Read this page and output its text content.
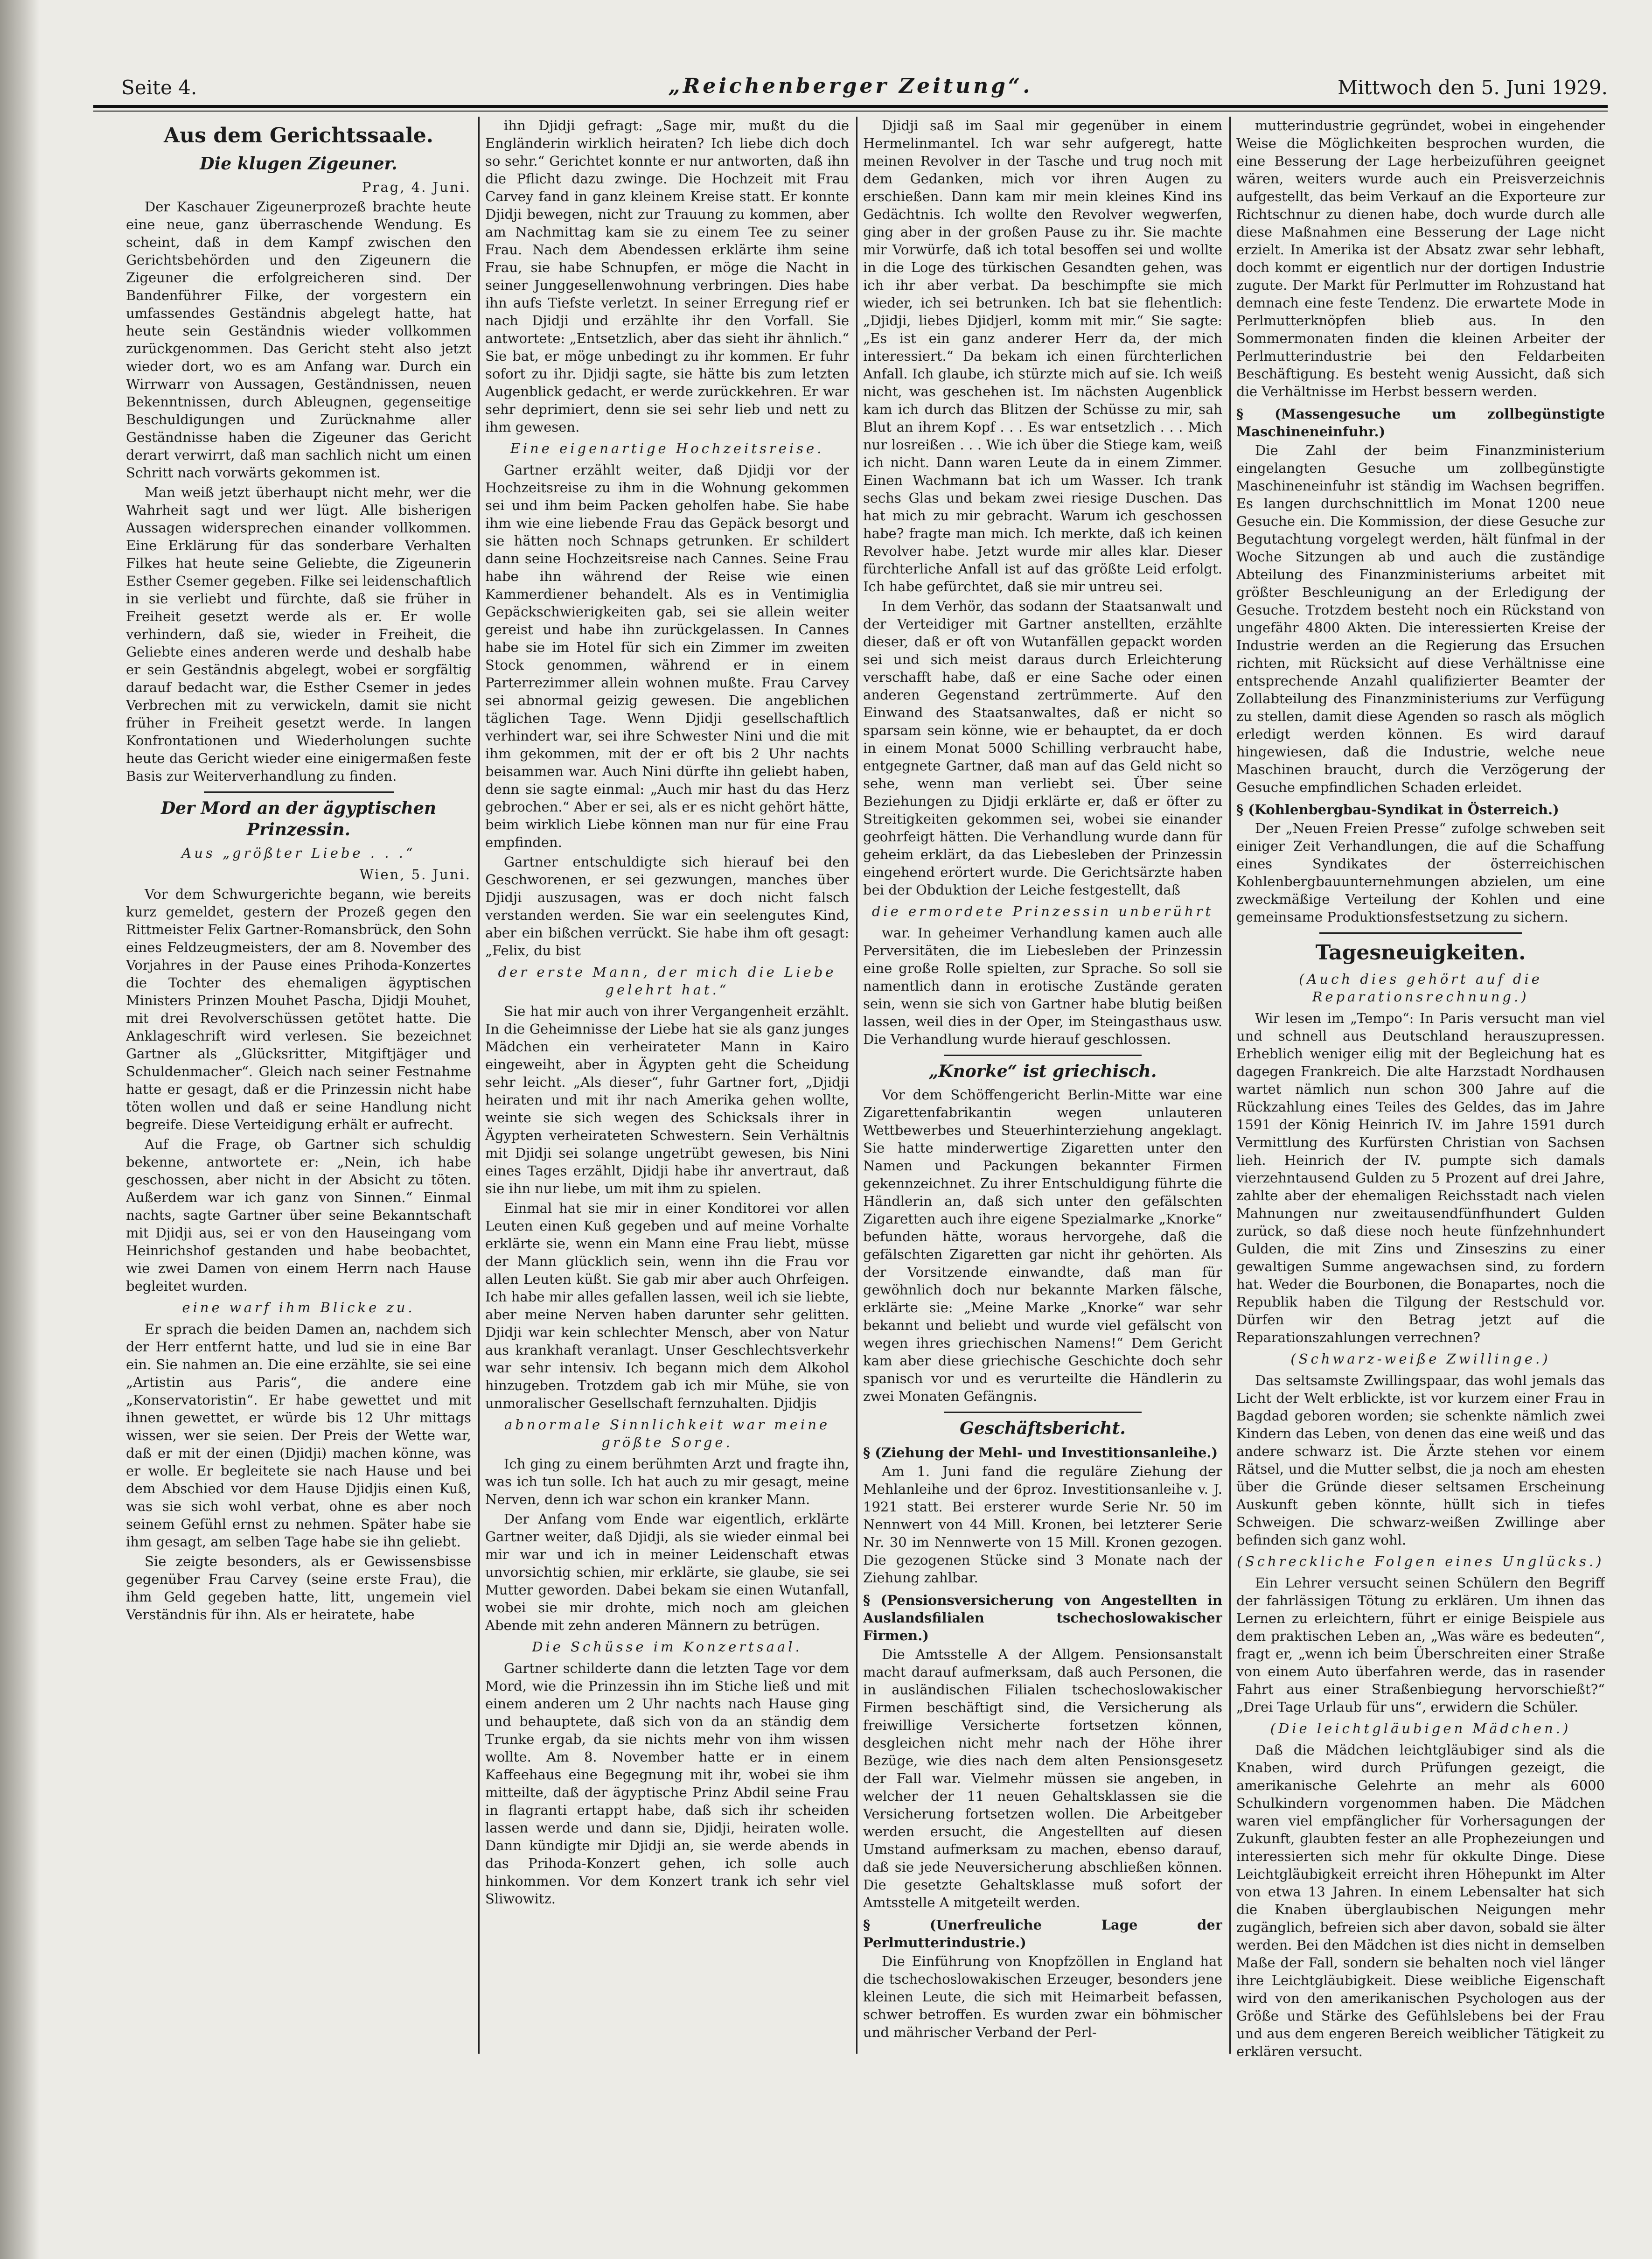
Seite 4.	„Reichenberger Zeitung“.	Mittwoch den 5. Juni 1929.
Aus dem Gerichtssaale.
Die klugen Zigeuner.
Prag, 4. Juni.

Der Kaschauer Zigeunerprozeß brachte heute eine neue, ganz überraschende Wendung. Es scheint, daß in dem Kampf zwischen den Gerichtsbehörden und den Zigeunern die Zigeuner die erfolgreicheren sind. Der Bandenführer Filke, der vorgestern ein umfassendes Geständnis abgelegt hatte, hat heute sein Geständnis wieder vollkommen zurückgenommen. Das Gericht steht also jetzt wieder dort, wo es am Anfang war. Durch ein Wirrwarr von Aussagen, Geständnissen, neuen Bekenntnissen, durch Ableugnen, gegenseitige Beschuldigungen und Zurücknahme aller Geständnisse haben die Zigeuner das Gericht derart verwirrt, daß man sachlich nicht um einen Schritt nach vorwärts gekommen ist.

Man weiß jetzt überhaupt nicht mehr, wer die Wahrheit sagt und wer lügt. Alle bisherigen Aussagen widersprechen einander vollkommen. Eine Erklärung für das sonderbare Verhalten Filkes hat heute seine Geliebte, die Zigeunerin Esther Csemer gegeben. Filke sei leidenschaftlich in sie verliebt und fürchte, daß sie früher in Freiheit gesetzt werde als er. Er wolle verhindern, daß sie, wieder in Freiheit, die Geliebte eines anderen werde und deshalb habe er sein Geständnis abgelegt, wobei er sorgfältig darauf bedacht war, die Esther Csemer in jedes Verbrechen mit zu verwickeln, damit sie nicht früher in Freiheit gesetzt werde. In langen Konfrontationen und Wiederholungen suchte heute das Gericht wieder eine einigermaßen feste Basis zur Weiterverhandlung zu finden.

Der Mord an der ägyptischen Prinzessin.
Aus „größter Liebe . . .“
Wien, 5. Juni.

Vor dem Schwurgerichte begann, wie bereits kurz gemeldet, gestern der Prozeß gegen den Rittmeister Felix Gartner-Romansbrück, den Sohn eines Feldzeugmeisters, der am 8. November des Vorjahres in der Pause eines Prihoda-Konzertes die Tochter des ehemaligen ägyptischen Ministers Prinzen Mouhet Pascha, Djidji Mouhet, mit drei Revolverschüssen getötet hatte. Die Anklageschrift wird verlesen. Sie bezeichnet Gartner als „Glücksritter, Mitgiftjäger und Schuldenmacher“. Gleich nach seiner Festnahme hatte er gesagt, daß er die Prinzessin nicht habe töten wollen und daß er seine Handlung nicht begreife. Diese Verteidigung erhält er aufrecht.

Auf die Frage, ob Gartner sich schuldig bekenne, antwortete er: „Nein, ich habe geschossen, aber nicht in der Absicht zu töten. Außerdem war ich ganz von Sinnen.“ Einmal nachts, sagte Gartner über seine Bekanntschaft mit Djidji aus, sei er von den Hauseingang vom Heinrichshof gestanden und habe beobachtet, wie zwei Damen von einem Herrn nach Hause begleitet wurden.

eine warf ihm Blicke zu.

Er sprach die beiden Damen an, nachdem sich der Herr entfernt hatte, und lud sie in eine Bar ein. Sie nahmen an. Die eine erzählte, sie sei eine „Artistin aus Paris“, die andere eine „Konservatoristin“. Er habe gewettet und mit ihnen gewettet, er würde bis 12 Uhr mittags wissen, wer sie seien. Der Preis der Wette war, daß er mit der einen (Djidji) machen könne, was er wolle. Er begleitete sie nach Hause und bei dem Abschied vor dem Hause Djidjis einen Kuß, was sie sich wohl verbat, ohne es aber noch seinem Gefühl ernst zu nehmen. Später habe sie ihm gesagt, am selben Tage habe sie ihn geliebt.

Sie zeigte besonders, als er Gewissensbisse gegenüber Frau Carvey (seine erste Frau), die ihm Geld gegeben hatte, litt, ungemein viel Verständnis für ihn. Als er heiratete, habe

ihn Djidji gefragt: „Sage mir, mußt du die Engländerin wirklich heiraten? Ich liebe dich doch so sehr.“ Gerichtet konnte er nur antworten, daß ihn die Pflicht dazu zwinge. Die Hochzeit mit Frau Carvey fand in ganz kleinem Kreise statt. Er konnte Djidji bewegen, nicht zur Trauung zu kommen, aber am Nachmittag kam sie zu einem Tee zu seiner Frau. Nach dem Abendessen erklärte ihm seine Frau, sie habe Schnupfen, er möge die Nacht in seiner Junggesellenwohnung verbringen. Dies habe ihn aufs Tiefste verletzt. In seiner Erregung rief er nach Djidji und erzählte ihr den Vorfall. Sie antwortete: „Entsetzlich, aber das sieht ihr ähnlich.“ Sie bat, er möge unbedingt zu ihr kommen. Er fuhr sofort zu ihr. Djidji sagte, sie hätte bis zum letzten Augenblick gedacht, er werde zurückkehren. Er war sehr deprimiert, denn sie sei sehr lieb und nett zu ihm gewesen.

Eine eigenartige Hochzeitsreise.

Gartner erzählt weiter, daß Djidji vor der Hochzeitsreise zu ihm in die Wohnung gekommen sei und ihm beim Packen geholfen habe. Sie habe ihm wie eine liebende Frau das Gepäck besorgt und sie hätten noch Schnaps getrunken. Er schildert dann seine Hochzeitsreise nach Cannes. Seine Frau habe ihn während der Reise wie einen Kammerdiener behandelt. Als es in Ventimiglia Gepäckschwierigkeiten gab, sei sie allein weiter gereist und habe ihn zurückgelassen. In Cannes habe sie im Hotel für sich ein Zimmer im zweiten Stock genommen, während er in einem Parterrezimmer allein wohnen mußte. Frau Carvey sei abnormal geizig gewesen. Die angeblichen täglichen Tage. Wenn Djidji gesellschaftlich verhindert war, sei ihre Schwester Nini und die mit ihm gekommen, mit der er oft bis 2 Uhr nachts beisammen war. Auch Nini dürfte ihn geliebt haben, denn sie sagte einmal: „Auch mir hast du das Herz gebrochen.“ Aber er sei, als er es nicht gehört hätte, beim wirklich Liebe können man nur für eine Frau empfinden.

Gartner entschuldigte sich hierauf bei den Geschworenen, er sei gezwungen, manches über Djidji auszusagen, was er doch nicht falsch verstanden werden. Sie war ein seelengutes Kind, aber ein bißchen verrückt. Sie habe ihm oft gesagt: „Felix, du bist

der erste Mann, der mich die Liebe gelehrt hat.“

Sie hat mir auch von ihrer Vergangenheit erzählt. In die Geheimnisse der Liebe hat sie als ganz junges Mädchen ein verheirateter Mann in Kairo eingeweiht, aber in Ägypten geht die Scheidung sehr leicht. „Als dieser“, fuhr Gartner fort, „Djidji heiraten und mit ihr nach Amerika gehen wollte, weinte sie sich wegen des Schicksals ihrer in Ägypten verheirateten Schwestern. Sein Verhältnis mit Djidji sei solange ungetrübt gewesen, bis Nini eines Tages erzählt, Djidji habe ihr anvertraut, daß sie ihn nur liebe, um mit ihm zu spielen.

Einmal hat sie mir in einer Konditorei vor allen Leuten einen Kuß gegeben und auf meine Vorhalte erklärte sie, wenn ein Mann eine Frau liebt, müsse der Mann glücklich sein, wenn ihn die Frau vor allen Leuten küßt. Sie gab mir aber auch Ohrfeigen. Ich habe mir alles gefallen lassen, weil ich sie liebte, aber meine Nerven haben darunter sehr gelitten. Djidji war kein schlechter Mensch, aber von Natur aus krankhaft veranlagt. Unser Geschlechtsverkehr war sehr intensiv. Ich begann mich dem Alkohol hinzugeben. Trotzdem gab ich mir Mühe, sie von unmoralischer Gesellschaft fernzuhalten. Djidjis

abnormale Sinnlichkeit war meine größte Sorge.

Ich ging zu einem berühmten Arzt und fragte ihn, was ich tun solle. Ich hat auch zu mir gesagt, meine Nerven, denn ich war schon ein kranker Mann.

Der Anfang vom Ende war eigentlich, erklärte Gartner weiter, daß Djidji, als sie wieder einmal bei mir war und ich in meiner Leidenschaft etwas unvorsichtig schien, mir erklärte, sie glaube, sie sei Mutter geworden. Dabei bekam sie einen Wutanfall, wobei sie mir drohte, mich noch am gleichen Abende mit zehn anderen Männern zu betrügen.

Die Schüsse im Konzertsaal.

Gartner schilderte dann die letzten Tage vor dem Mord, wie die Prinzessin ihn im Stiche ließ und mit einem anderen um 2 Uhr nachts nach Hause ging und behauptete, daß sich von da an ständig dem Trunke ergab, da sie nichts mehr von ihm wissen wollte. Am 8. November hatte er in einem Kaffeehaus eine Begegnung mit ihr, wobei sie ihm mitteilte, daß der ägyptische Prinz Abdil seine Frau in flagranti ertappt habe, daß sich ihr scheiden lassen werde und dann sie, Djidji, heiraten wolle. Dann kündigte mir Djidji an, sie werde abends in das Prihoda-Konzert gehen, ich solle auch hinkommen. Vor dem Konzert trank ich sehr viel Sliwowitz.

Djidji saß im Saal mir gegenüber in einem Hermelinmantel. Ich war sehr aufgeregt, hatte meinen Revolver in der Tasche und trug noch mit dem Gedanken, mich vor ihren Augen zu erschießen. Dann kam mir mein kleines Kind ins Gedächtnis. Ich wollte den Revolver wegwerfen, ging aber in der großen Pause zu ihr. Sie machte mir Vorwürfe, daß ich total besoffen sei und wollte in die Loge des türkischen Gesandten gehen, was ich ihr aber verbat. Da beschimpfte sie mich wieder, ich sei betrunken. Ich bat sie flehentlich: „Djidji, liebes Djidjerl, komm mit mir.“ Sie sagte: „Es ist ein ganz anderer Herr da, der mich interessiert.“ Da bekam ich einen fürchterlichen Anfall. Ich glaube, ich stürzte mich auf sie. Ich weiß nicht, was geschehen ist. Im nächsten Augenblick kam ich durch das Blitzen der Schüsse zu mir, sah Blut an ihrem Kopf . . . Es war entsetzlich . . . Mich nur losreißen . . . Wie ich über die Stiege kam, weiß ich nicht. Dann waren Leute da in einem Zimmer. Einen Wachmann bat ich um Wasser. Ich trank sechs Glas und bekam zwei riesige Duschen. Das hat mich zu mir gebracht. Warum ich geschossen habe? fragte man mich. Ich merkte, daß ich keinen Revolver habe. Jetzt wurde mir alles klar. Dieser fürchterliche Anfall ist auf das größte Leid erfolgt. Ich habe gefürchtet, daß sie mir untreu sei.

In dem Verhör, das sodann der Staatsanwalt und der Verteidiger mit Gartner anstellten, erzählte dieser, daß er oft von Wutanfällen gepackt worden sei und sich meist daraus durch Erleichterung verschafft habe, daß er eine Sache oder einen anderen Gegenstand zertrümmerte. Auf den Einwand des Staatsanwaltes, daß er nicht so sparsam sein könne, wie er behauptet, da er doch in einem Monat 5000 Schilling verbraucht habe, entgegnete Gartner, daß man auf das Geld nicht so sehe, wenn man verliebt sei. Über seine Beziehungen zu Djidji erklärte er, daß er öfter zu Streitigkeiten gekommen sei, wobei sie einander geohrfeigt hätten. Die Verhandlung wurde dann für geheim erklärt, da das Liebesleben der Prinzessin eingehend erörtert wurde. Die Gerichtsärzte haben bei der Obduktion der Leiche festgestellt, daß

die ermordete Prinzessin unberührt

war. In geheimer Verhandlung kamen auch alle Perversitäten, die im Liebesleben der Prinzessin eine große Rolle spielten, zur Sprache. So soll sie namentlich dann in erotische Zustände geraten sein, wenn sie sich von Gartner habe blutig beißen lassen, weil dies in der Oper, im Steingasthaus usw. Die Verhandlung wurde hierauf geschlossen.

„Knorke“ ist griechisch.

Vor dem Schöffengericht Berlin-Mitte war eine Zigarettenfabrikantin wegen unlauteren Wettbewerbes und Steuerhinterziehung angeklagt. Sie hatte minderwertige Zigaretten unter den Namen und Packungen bekannter Firmen gekennzeichnet. Zu ihrer Entschuldigung führte die Händlerin an, daß sich unter den gefälschten Zigaretten auch ihre eigene Spezialmarke „Knorke“ befunden hätte, woraus hervorgehe, daß die gefälschten Zigaretten gar nicht ihr gehörten. Als der Vorsitzende einwandte, daß man für gewöhnlich doch nur bekannte Marken fälsche, erklärte sie: „Meine Marke „Knorke“ war sehr bekannt und beliebt und wurde viel gefälscht von wegen ihres griechischen Namens!“ Dem Gericht kam aber diese griechische Geschichte doch sehr spanisch vor und es verurteilte die Händlerin zu zwei Monaten Gefängnis.

Geschäftsbericht.

§ (Ziehung der Mehl- und Investitionsanleihe.)

Am 1. Juni fand die reguläre Ziehung der Mehlanleihe und der 6proz. Investitionsanleihe v. J. 1921 statt. Bei ersterer wurde Serie Nr. 50 im Nennwert von 44 Mill. Kronen, bei letzterer Serie Nr. 30 im Nennwerte von 15 Mill. Kronen gezogen. Die gezogenen Stücke sind 3 Monate nach der Ziehung zahlbar.

§ (Pensionsversicherung von Angestellten in Auslandsfilialen tschechoslowakischer Firmen.)

Die Amtsstelle A der Allgem. Pensionsanstalt macht darauf aufmerksam, daß auch Personen, die in ausländischen Filialen tschechoslowakischer Firmen beschäftigt sind, die Versicherung als freiwillige Versicherte fortsetzen können, desgleichen nicht mehr nach der Höhe ihrer Bezüge, wie dies nach dem alten Pensionsgesetz der Fall war. Vielmehr müssen sie angeben, in welcher der 11 neuen Gehaltsklassen sie die Versicherung fortsetzen wollen. Die Arbeitgeber werden ersucht, die Angestellten auf diesen Umstand aufmerksam zu machen, ebenso darauf, daß sie jede Neuversicherung abschließen können. Die gesetzte Gehaltsklasse muß sofort der Amtsstelle A mitgeteilt werden.

§ (Unerfreuliche Lage der Perlmutterindustrie.)

Die Einführung von Knopfzöllen in England hat die tschechoslowakischen Erzeuger, besonders jene kleinen Leute, die sich mit Heimarbeit befassen, schwer betroffen. Es wurden zwar ein böhmischer und mährischer Verband der Perl-

mutterindustrie gegründet, wobei in eingehender Weise die Möglichkeiten besprochen wurden, die eine Besserung der Lage herbeizuführen geeignet wären, weiters wurde auch ein Preisverzeichnis aufgestellt, das beim Verkauf an die Exporteure zur Richtschnur zu dienen habe, doch wurde durch alle diese Maßnahmen eine Besserung der Lage nicht erzielt. In Amerika ist der Absatz zwar sehr lebhaft, doch kommt er eigentlich nur der dortigen Industrie zugute. Der Markt für Perlmutter im Rohzustand hat demnach eine feste Tendenz. Die erwartete Mode in Perlmutterknöpfen blieb aus. In den Sommermonaten finden die kleinen Arbeiter der Perlmutterindustrie bei den Feldarbeiten Beschäftigung. Es besteht wenig Aussicht, daß sich die Verhältnisse im Herbst bessern werden.

§ (Massengesuche um zollbegünstigte Maschineneinfuhr.)

Die Zahl der beim Finanzministerium eingelangten Gesuche um zollbegünstigte Maschineneinfuhr ist ständig im Wachsen begriffen. Es langen durchschnittlich im Monat 1200 neue Gesuche ein. Die Kommission, der diese Gesuche zur Begutachtung vorgelegt werden, hält fünfmal in der Woche Sitzungen ab und auch die zuständige Abteilung des Finanzministeriums arbeitet mit größter Beschleunigung an der Erledigung der Gesuche. Trotzdem besteht noch ein Rückstand von ungefähr 4800 Akten. Die interessierten Kreise der Industrie werden an die Regierung das Ersuchen richten, mit Rücksicht auf diese Verhältnisse eine entsprechende Anzahl qualifizierter Beamter der Zollabteilung des Finanzministeriums zur Verfügung zu stellen, damit diese Agenden so rasch als möglich erledigt werden können. Es wird darauf hingewiesen, daß die Industrie, welche neue Maschinen braucht, durch die Verzögerung der Gesuche empfindlichen Schaden erleidet.

§ (Kohlenbergbau-Syndikat in Österreich.)

Der „Neuen Freien Presse“ zufolge schweben seit einiger Zeit Verhandlungen, die auf die Schaffung eines Syndikates der österreichischen Kohlenbergbauunternehmungen abzielen, um eine zweckmäßige Verteilung der Kohlen und eine gemeinsame Produktionsfestsetzung zu sichern.

Tagesneuigkeiten.
(Auch dies gehört auf die Reparationsrechnung.)

Wir lesen im „Tempo“: In Paris versucht man viel und schnell aus Deutschland herauszupressen. Erheblich weniger eilig mit der Begleichung hat es dagegen Frankreich. Die alte Harzstadt Nordhausen wartet nämlich nun schon 300 Jahre auf die Rückzahlung eines Teiles des Geldes, das im Jahre 1591 der König Heinrich IV. im Jahre 1591 durch Vermittlung des Kurfürsten Christian von Sachsen lieh. Heinrich der IV. pumpte sich damals vierzehntausend Gulden zu 5 Prozent auf drei Jahre, zahlte aber der ehemaligen Reichsstadt nach vielen Mahnungen nur zweitausendfünfhundert Gulden zurück, so daß diese noch heute fünfzehnhundert Gulden, die mit Zins und Zinseszins zu einer gewaltigen Summe angewachsen sind, zu fordern hat. Weder die Bourbonen, die Bonapartes, noch die Republik haben die Tilgung der Restschuld vor. Dürfen wir den Betrag jetzt auf die Reparationszahlungen verrechnen?

(Schwarz-weiße Zwillinge.)

Das seltsamste Zwillingspaar, das wohl jemals das Licht der Welt erblickte, ist vor kurzem einer Frau in Bagdad geboren worden; sie schenkte nämlich zwei Kindern das Leben, von denen das eine weiß und das andere schwarz ist. Die Ärzte stehen vor einem Rätsel, und die Mutter selbst, die ja noch am ehesten über die Gründe dieser seltsamen Erscheinung Auskunft geben könnte, hüllt sich in tiefes Schweigen. Die schwarz-weißen Zwillinge aber befinden sich ganz wohl.

(Schreckliche Folgen eines Unglücks.)

Ein Lehrer versucht seinen Schülern den Begriff der fahrlässigen Tötung zu erklären. Um ihnen das Lernen zu erleichtern, führt er einige Beispiele aus dem praktischen Leben an, „Was wäre es bedeuten“, fragt er, „wenn ich beim Überschreiten einer Straße von einem Auto überfahren werde, das in rasender Fahrt aus einer Straßenbiegung hervorschießt?“ „Drei Tage Urlaub für uns“, erwidern die Schüler.

(Die leichtgläubigen Mädchen.)

Daß die Mädchen leichtgläubiger sind als die Knaben, wird durch Prüfungen gezeigt, die amerikanische Gelehrte an mehr als 6000 Schulkindern vorgenommen haben. Die Mädchen waren viel empfänglicher für Vorhersagungen der Zukunft, glaubten fester an alle Prophezeiungen und interessierten sich mehr für okkulte Dinge. Diese Leichtgläubigkeit erreicht ihren Höhepunkt im Alter von etwa 13 Jahren. In einem Lebensalter hat sich die Knaben überglaubischen Neigungen mehr zugänglich, befreien sich aber davon, sobald sie älter werden. Bei den Mädchen ist dies nicht in demselben Maße der Fall, sondern sie behalten noch viel länger ihre Leichtgläubigkeit. Diese weibliche Eigenschaft wird von den amerikanischen Psychologen aus der Größe und Stärke des Gefühlslebens bei der Frau und aus dem engeren Bereich weiblicher Tätigkeit zu erklären versucht.
